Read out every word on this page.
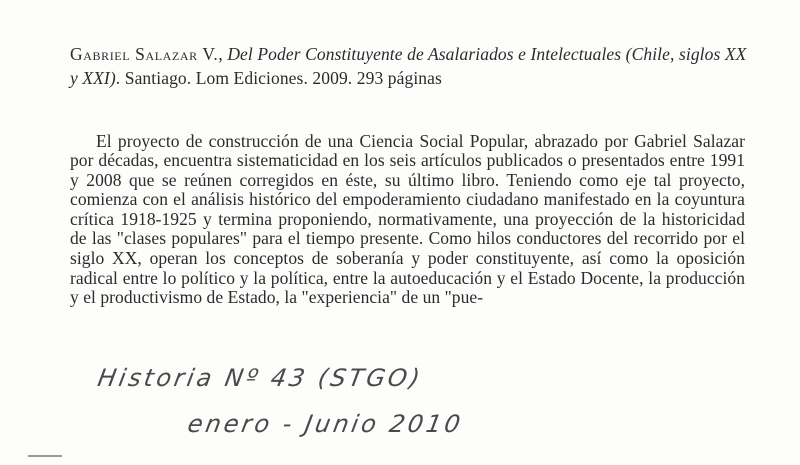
Gabriel Salazar V., Del Poder Constituyente de Asalariados e Intelectuales (Chile, siglos XX y XXI). Santiago. Lom Ediciones. 2009. 293 páginas

El proyecto de construcción de una Ciencia Social Popular, abrazado por Gabriel Salazar por décadas, encuentra sistematicidad en los seis artículos publicados o presentados entre 1991 y 2008 que se reúnen corregidos en éste, su último libro. Teniendo como eje tal proyecto, comienza con el análisis histórico del empoderamiento ciudadano manifestado en la coyuntura crítica 1918-1925 y termina proponiendo, normativamente, una proyección de la historicidad de las "clases populares" para el tiempo presente. Como hilos conductores del recorrido por el siglo XX, operan los conceptos de soberanía y poder constituyente, así como la oposición radical entre lo político y la política, entre la autoeducación y el Estado Docente, la producción y el productivismo de Estado, la "experiencia" de un "pue-

Historia Nº 43 (STGO)
enero - Junio 2010
